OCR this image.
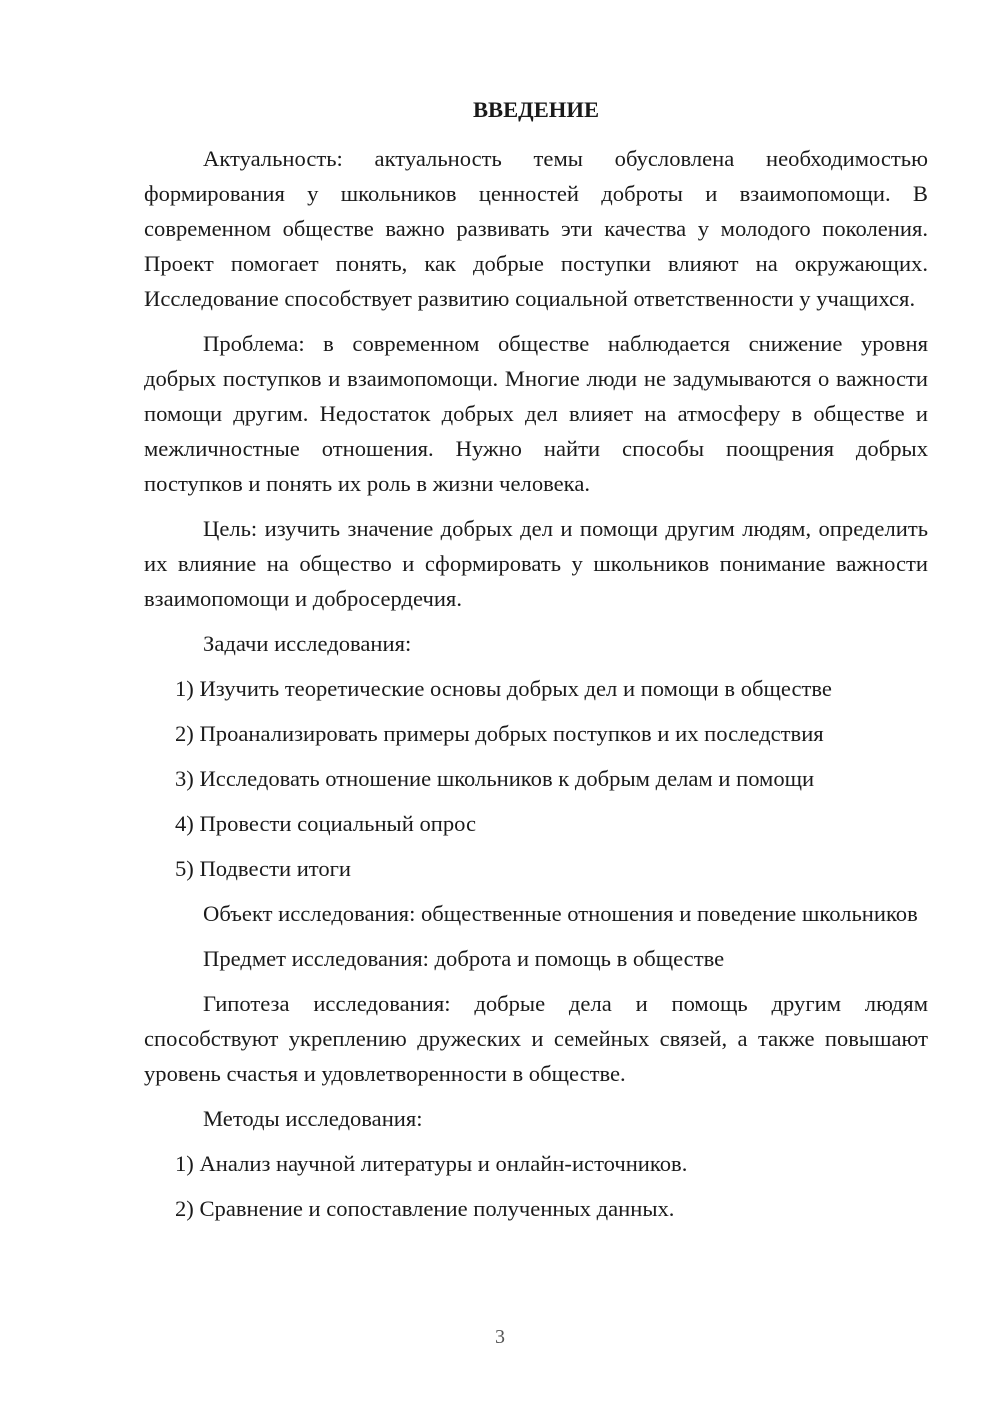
ВВЕДЕНИЕ
Актуальность: актуальность темы обусловлена необходимостью формирования у школьников ценностей доброты и взаимопомощи. В современном обществе важно развивать эти качества у молодого поколения. Проект помогает понять, как добрые поступки влияют на окружающих. Исследование способствует развитию социальной ответственности у учащихся.
Проблема: в современном обществе наблюдается снижение уровня добрых поступков и взаимопомощи. Многие люди не задумываются о важности помощи другим. Недостаток добрых дел влияет на атмосферу в обществе и межличностные отношения. Нужно найти способы поощрения добрых поступков и понять их роль в жизни человека.
Цель: изучить значение добрых дел и помощи другим людям, определить их влияние на общество и сформировать у школьников понимание важности взаимопомощи и добросердечия.
Задачи исследования:
1) Изучить теоретические основы добрых дел и помощи в обществе
2) Проанализировать примеры добрых поступков и их последствия
3) Исследовать отношение школьников к добрым делам и помощи
4) Провести социальный опрос
5) Подвести итоги
Объект исследования: общественные отношения и поведение школьников
Предмет исследования: доброта и помощь в обществе
Гипотеза исследования: добрые дела и помощь другим людям способствуют укреплению дружеских и семейных связей, а также повышают уровень счастья и удовлетворенности в обществе.
Методы исследования:
1) Анализ научной литературы и онлайн-источников.
2) Сравнение и сопоставление полученных данных.
3
